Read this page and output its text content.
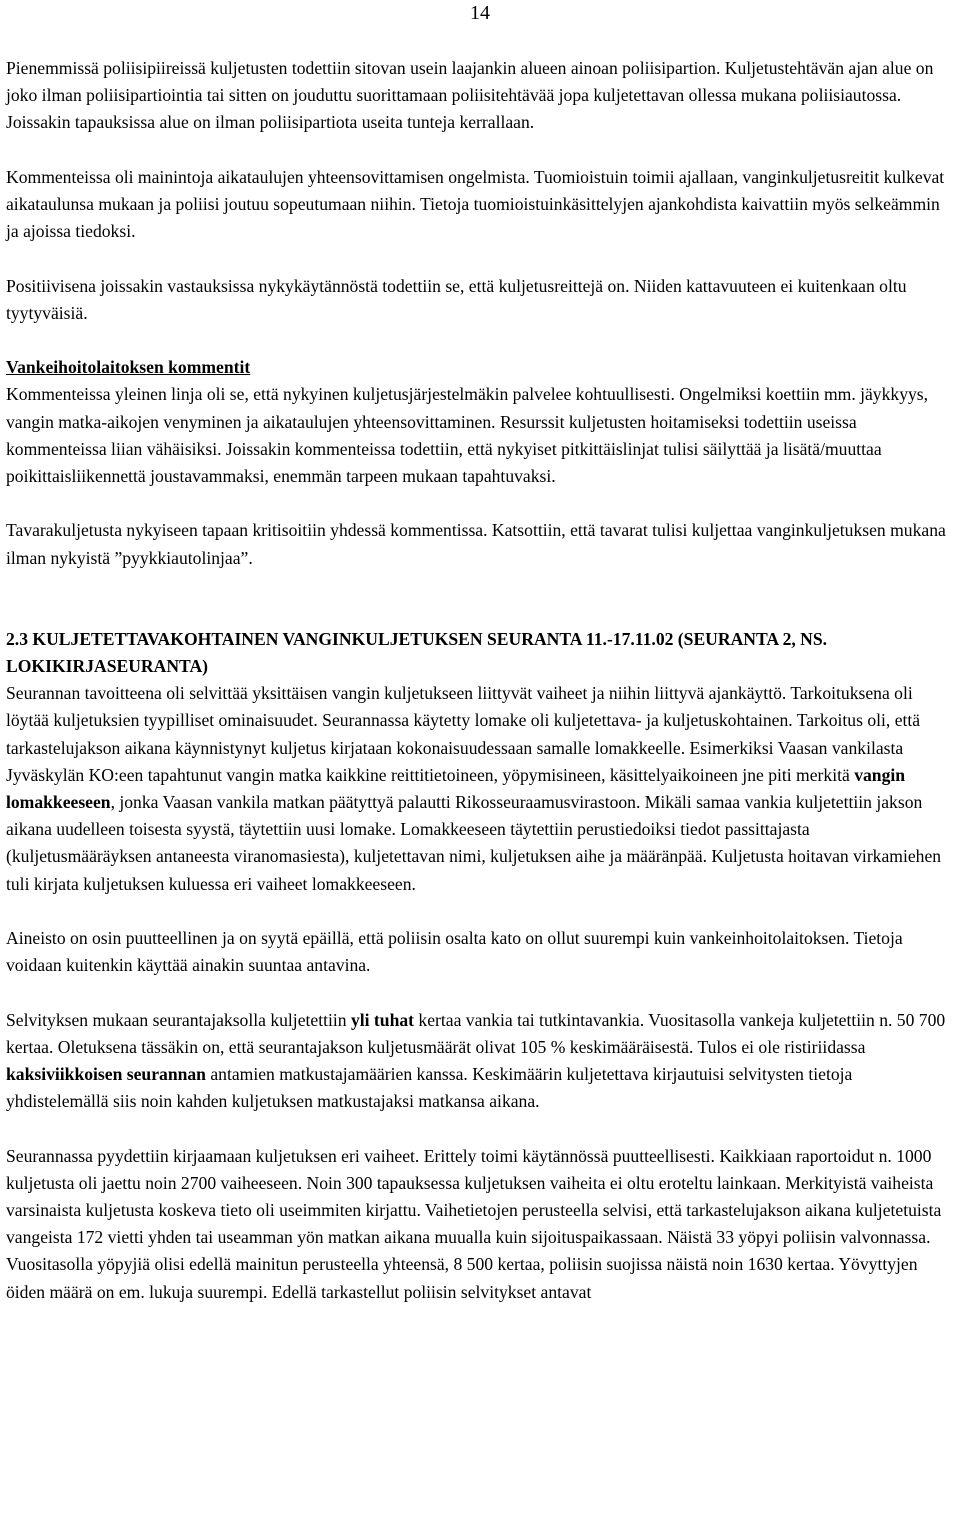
14

Pienemmissä poliisipiireissä kuljetusten todettiin sitovan usein laajankin alueen ainoan poliisipartion. Kuljetustehtävän ajan alue on joko ilman poliisipartiointia tai sitten on jouduttu suorittamaan poliisitehtävää jopa kuljetettavan ollessa mukana poliisiautossa. Joissakin tapauksissa alue on ilman poliisipartiota useita tunteja kerrallaan.

Kommenteissa oli mainintoja aikataulujen yhteensovittamisen ongelmista. Tuomioistuin toimii ajallaan, vanginkuljetusreitit kulkevat aikataulunsa mukaan ja poliisi joutuu sopeutumaan niihin. Tietoja tuomioistuinkäsittelyjen ajankohdista kaivattiin myös selkeämmin ja ajoissa tiedoksi.

Positiivisena joissakin vastauksissa nykykäytännöstä todettiin se, että kuljetusreittejä on. Niiden kattavuuteen ei kuitenkaan oltu tyytyväisiä.

Vankeihoitolaitoksen kommentit

Kommenteissa yleinen linja oli se, että nykyinen kuljetusjärjestelmäkin palvelee kohtuullisesti. Ongelmiksi koettiin mm. jäykkyys, vangin matka-aikojen venyminen ja aikataulujen yhteensovittaminen. Resurssit kuljetusten hoitamiseksi todettiin useissa kommenteissa liian vähäisiksi. Joissakin kommenteissa todettiin, että nykyiset pitkittäislinjat tulisi säilyttää ja lisätä/muuttaa poikittaisliikennettä joustavammaksi, enemmän tarpeen mukaan tapahtuvaksi.

Tavarakuljetusta nykyiseen tapaan kritisoitiin yhdessä kommentissa. Katsottiin, että tavarat tulisi kuljettaa vanginkuljetuksen mukana ilman nykyistä ”pyykkiautolinjaa”.

2.3 KULJETETTAVAKOHTAINEN VANGINKULJETUKSEN SEURANTA 11.-17.11.02 (SEURANTA 2, NS. LOKIKIRJASEURANTA)

Seurannan tavoitteena oli selvittää yksittäisen vangin kuljetukseen liittyvät vaiheet ja niihin liittyvä ajankäyttö. Tarkoituksena oli löytää kuljetuksien tyypilliset ominaisuudet. Seurannassa käytetty lomake oli kuljetettava- ja kuljetuskohtainen. Tarkoitus oli, että tarkastelujakson aikana käynnistynyt kuljetus kirjataan kokonaisuudessaan samalle lomakkeelle. Esimerkiksi Vaasan vankilasta Jyväskylän KO:een tapahtunut vangin matka kaikkine reittitietoineen, yöpymisineen, käsittelyaikoineen jne piti merkitä vangin lomakkeeseen, jonka Vaasan vankila matkan päätyttyä palautti Rikosseuraamusvirastoon. Mikäli samaa vankia kuljetettiin jakson aikana uudelleen toisesta syystä, täytettiin uusi lomake. Lomakkeeseen täytettiin perustiedoiksi tiedot passittajasta (kuljetusmääräyksen antaneesta viranomasiesta), kuljetettavan nimi, kuljetuksen aihe ja määränpää. Kuljetusta hoitavan virkamiehen tuli kirjata kuljetuksen kuluessa eri vaiheet lomakkeeseen.

Aineisto on osin puutteellinen ja on syytä epäillä, että poliisin osalta kato on ollut suurempi kuin vankeinhoitolaitoksen. Tietoja voidaan kuitenkin käyttää ainakin suuntaa antavina.

Selvityksen mukaan seurantajaksolla kuljetettiin yli tuhat kertaa vankia tai tutkintavankia. Vuositasolla vankeja kuljetettiin n. 50 700 kertaa. Oletuksena tässäkin on, että seurantajakson kuljetusmäärät olivat 105 % keskimääräisestä. Tulos ei ole ristiriidassa kaksiviikkoisen seurannan antamien matkustajamäärien kanssa. Keskimäärin kuljetettava kirjautuisi selvitysten tietoja yhdistelemällä siis noin kahden kuljetuksen matkustajaksi matkansa aikana.

Seurannassa pyydettiin kirjaamaan kuljetuksen eri vaiheet. Erittely toimi käytännössä puutteellisesti. Kaikkiaan raportoidut n. 1000 kuljetusta oli jaettu noin 2700 vaiheeseen. Noin 300 tapauksessa kuljetuksen vaiheita ei oltu eroteltu lainkaan. Merkityistä vaiheista varsinaista kuljetusta koskeva tieto oli useimmiten kirjattu. Vaihetietojen perusteella selvisi, että tarkastelujakson aikana kuljetetuista vangeista 172 vietti yhden tai useamman yön matkan aikana muualla kuin sijoituspaikassaan. Näistä 33 yöpyi poliisin valvonnassa. Vuositasolla yöpyjiä olisi edellä mainitun perusteella yhteensä, 8 500 kertaa, poliisin suojissa näistä noin 1630 kertaa. Yövyttyjen öiden määrä on em. lukuja suurempi. Edellä tarkastellut poliisin selvitykset antavat
